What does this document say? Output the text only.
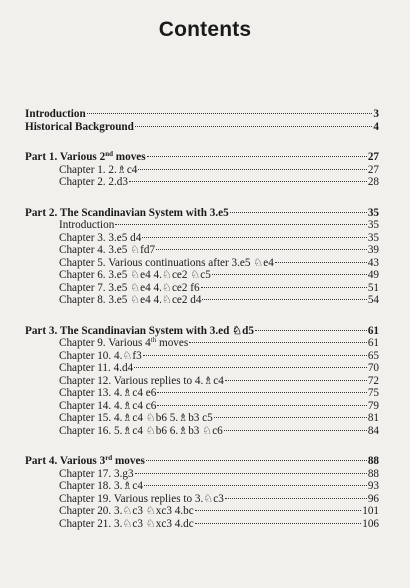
Contents
Introduction	3
Historical Background	4
Part 1. Various 2nd moves	27
Chapter 1. 2.♗c4	27
Chapter 2. 2.d3	28
Part 2. The Scandinavian System with 3.e5	35
Introduction	35
Chapter 3. 3.e5 d4	35
Chapter 4. 3.e5 ♘fd7	39
Chapter 5. Various continuations after 3.e5 ♘e4	43
Chapter 6. 3.e5 ♘e4 4.♘ce2 ♘c5	49
Chapter 7. 3.e5 ♘e4 4.♘ce2 f6	51
Chapter 8. 3.e5 ♘e4 4.♘ce2 d4	54
Part 3. The Scandinavian System with 3.ed ♘d5	61
Chapter 9. Various 4th moves	61
Chapter 10. 4.♘f3	65
Chapter 11. 4.d4	70
Chapter 12. Various replies to 4.♗c4	72
Chapter 13. 4.♗c4 e6	75
Chapter 14. 4.♗c4 c6	79
Chapter 15. 4.♗c4 ♘b6 5.♗b3 c5	81
Chapter 16. 5.♗c4 ♘b6 6.♗b3 ♘c6	84
Part 4. Various 3rd moves	88
Chapter 17. 3.g3	88
Chapter 18. 3.♗c4	93
Chapter 19. Various replies to 3.♘c3	96
Chapter 20. 3.♘c3 ♘xc3 4.bc	101
Chapter 21. 3.♘c3 ♘xc3 4.dc	106
